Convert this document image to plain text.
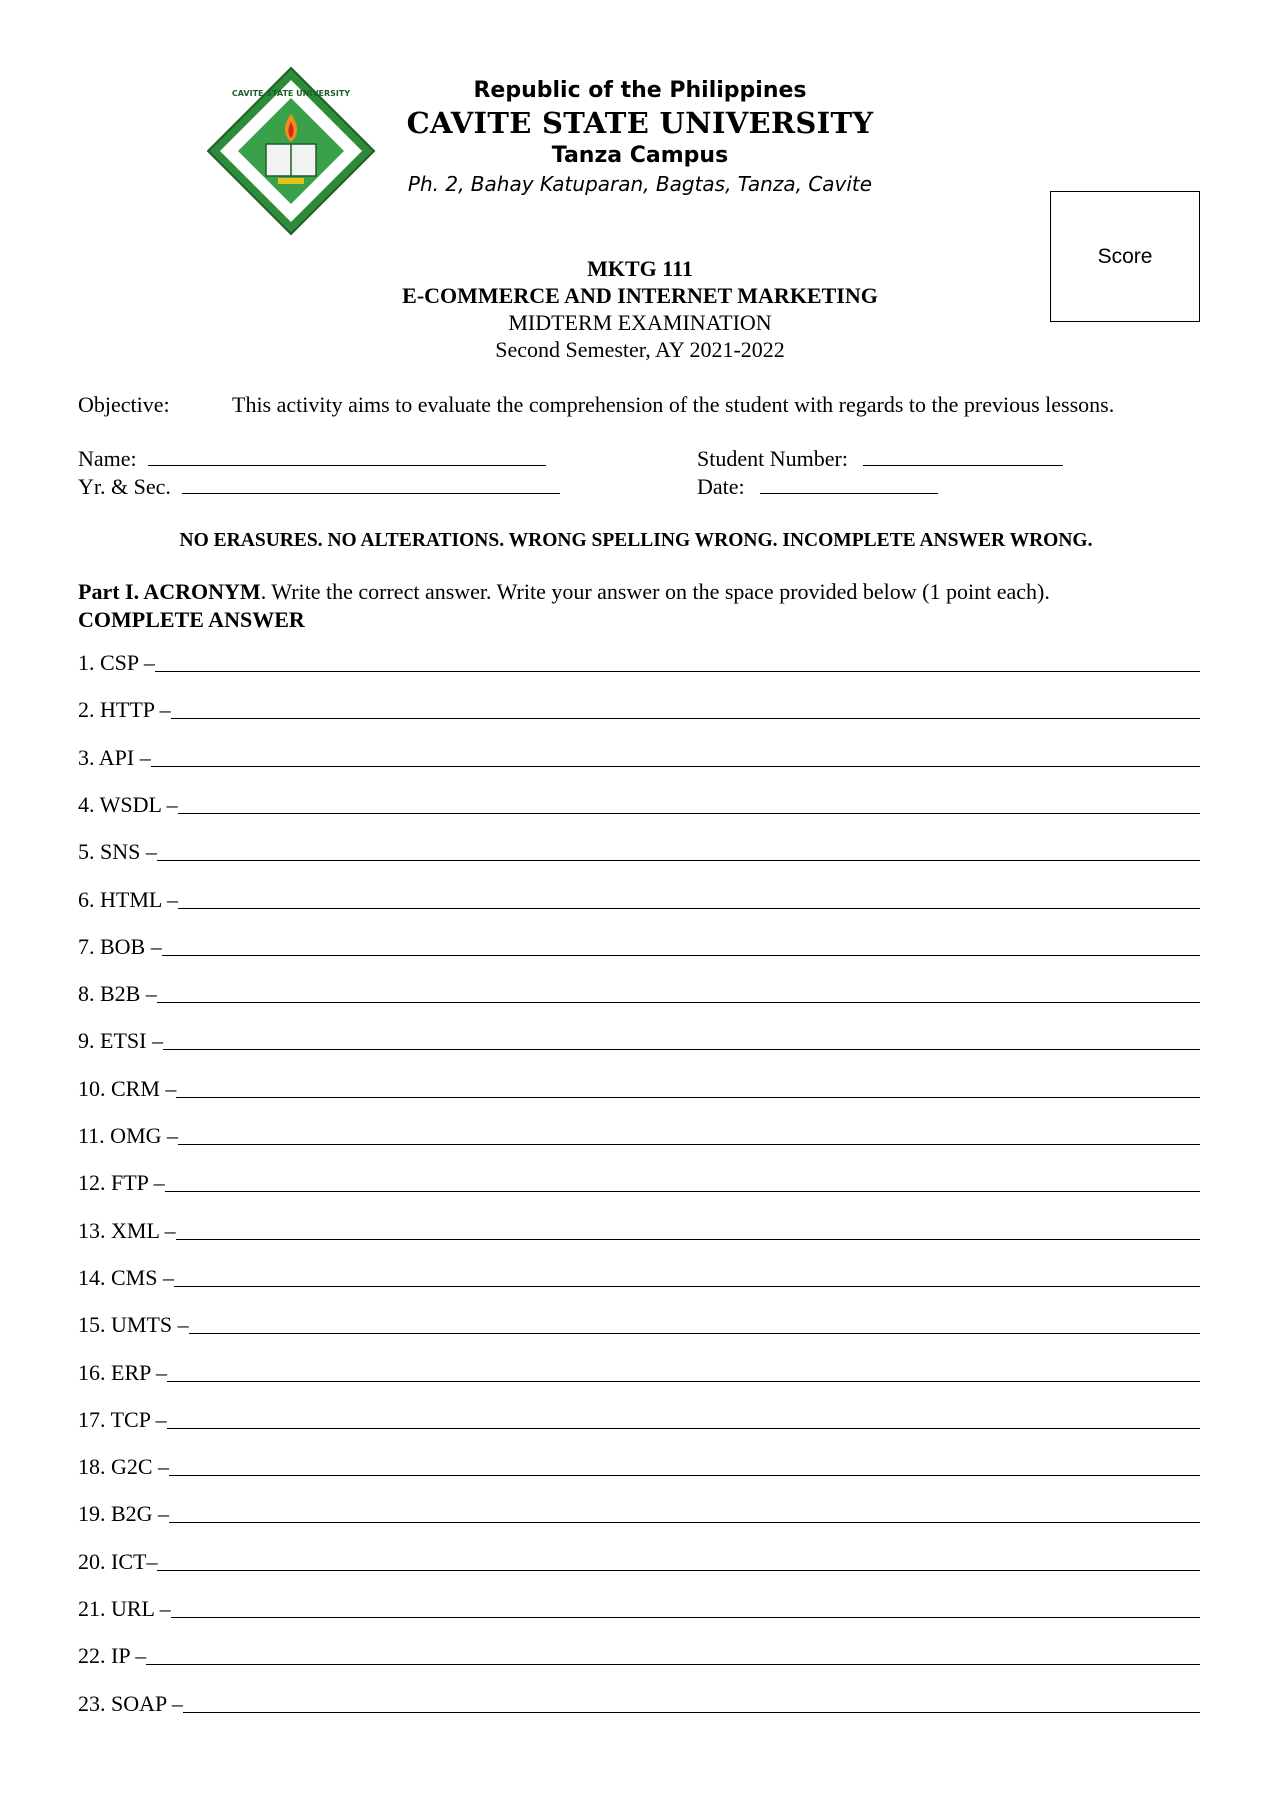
CAVITE STATE UNIVERSITY	Republic of the Philippines
CAVITE STATE UNIVERSITY
Tanza Campus
Ph. 2, Bahay Katuparan, Bagtas, Tanza, Cavite
Score
MKTG 111
E-COMMERCE AND INTERNET MARKETING
MIDTERM EXAMINATION
Second Semester, AY 2021-2022
Objective:	This activity aims to evaluate the comprehension of the student with regards to the previous lessons.
Name:
Yr. & Sec.
Student Number:
Date:
NO ERASURES. NO ALTERATIONS. WRONG SPELLING WRONG. INCOMPLETE ANSWER WRONG.
Part I. ACRONYM. Write the correct answer. Write your answer on the space provided below (1 point each).
COMPLETE ANSWER
1. CSP –
2. HTTP –
3. API –
4. WSDL –
5. SNS –
6. HTML –
7. BOB –
8. B2B –
9. ETSI –
10. CRM –
11. OMG –
12. FTP –
13. XML –
14. CMS –
15. UMTS –
16. ERP –
17. TCP –
18. G2C –
19. B2G –
20. ICT–
21. URL –
22. IP –
23. SOAP –
